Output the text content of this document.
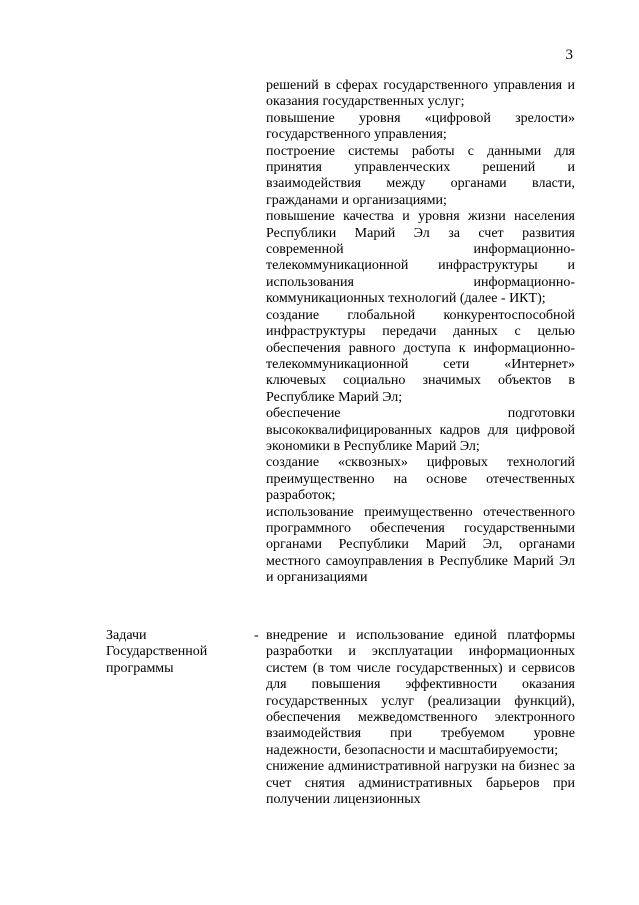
3

решений в сферах государственного управления и оказания государственных услуг;

повышение уровня «цифровой зрелости» государственного управления;

построение системы работы с данными для принятия управленческих решений и взаимодействия между органами власти, гражданами и организациями;

повышение качества и уровня жизни населения Республики Марий Эл за счет развития современной информационно-телекоммуникационной инфраструктуры и использования информационно-коммуникационных технологий (далее - ИКТ);

создание глобальной конкурентоспособной инфраструктуры передачи данных с целью обеспечения равного доступа к информационно-телекоммуникационной сети «Интернет» ключевых социально значимых объектов в Республике Марий Эл;

обеспечение подготовки высококвалифицированных кадров для цифровой экономики в Республике Марий Эл;

создание «сквозных» цифровых технологий преимущественно на основе отечественных разработок;

использование преимущественно отечественного программного обеспечения государственными органами Республики Марий Эл, органами местного самоуправления в Республике Марий Эл и организациями

Задачи Государственной программы
- внедрение и использование единой платформы разработки и эксплуатации информационных систем (в том числе государственных) и сервисов для повышения эффективности оказания государственных услуг (реализации функций), обеспечения межведомственного электронного взаимодействия при требуемом уровне надежности, безопасности и масштабируемости;

снижение административной нагрузки на бизнес за счет снятия административных барьеров при получении лицензионных
